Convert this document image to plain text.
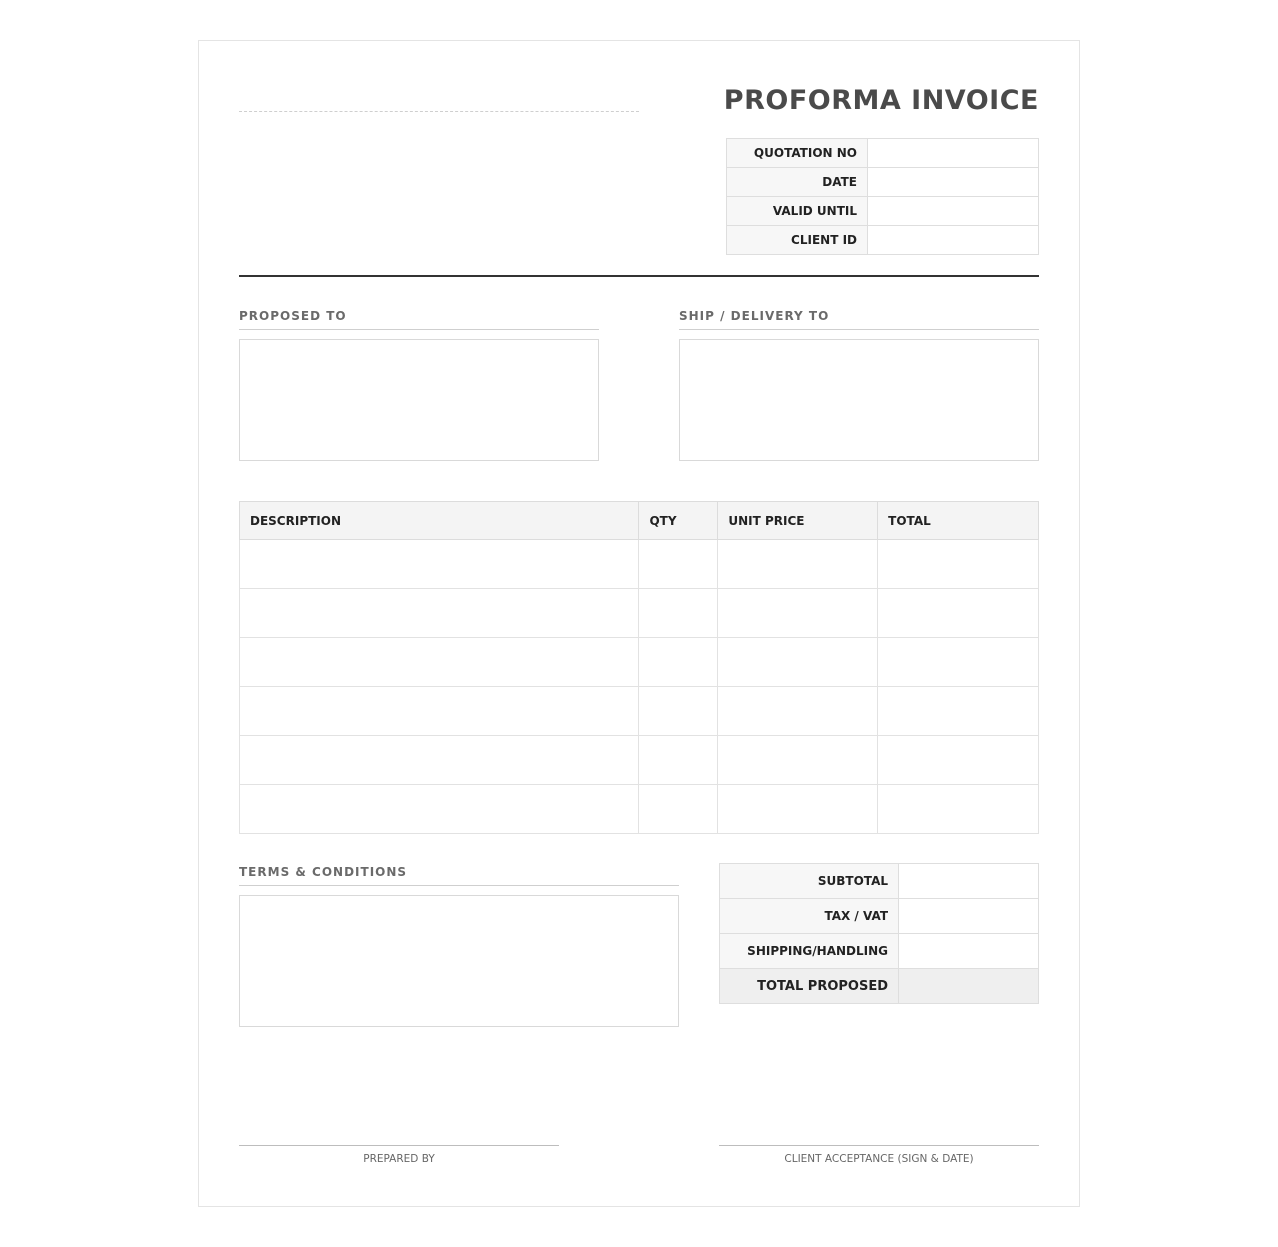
PROFORMA INVOICE
QUOTATION NO	
DATE	
VALID UNTIL	
CLIENT ID	
PROPOSED TO	SHIP / DELIVERY TO
DESCRIPTION	QTY	UNIT PRICE	TOTAL

TERMS & CONDITIONS
SUBTOTAL	
TAX / VAT	
SHIPPING/HANDLING	
TOTAL PROPOSED	
PREPARED BY	CLIENT ACCEPTANCE (SIGN & DATE)
